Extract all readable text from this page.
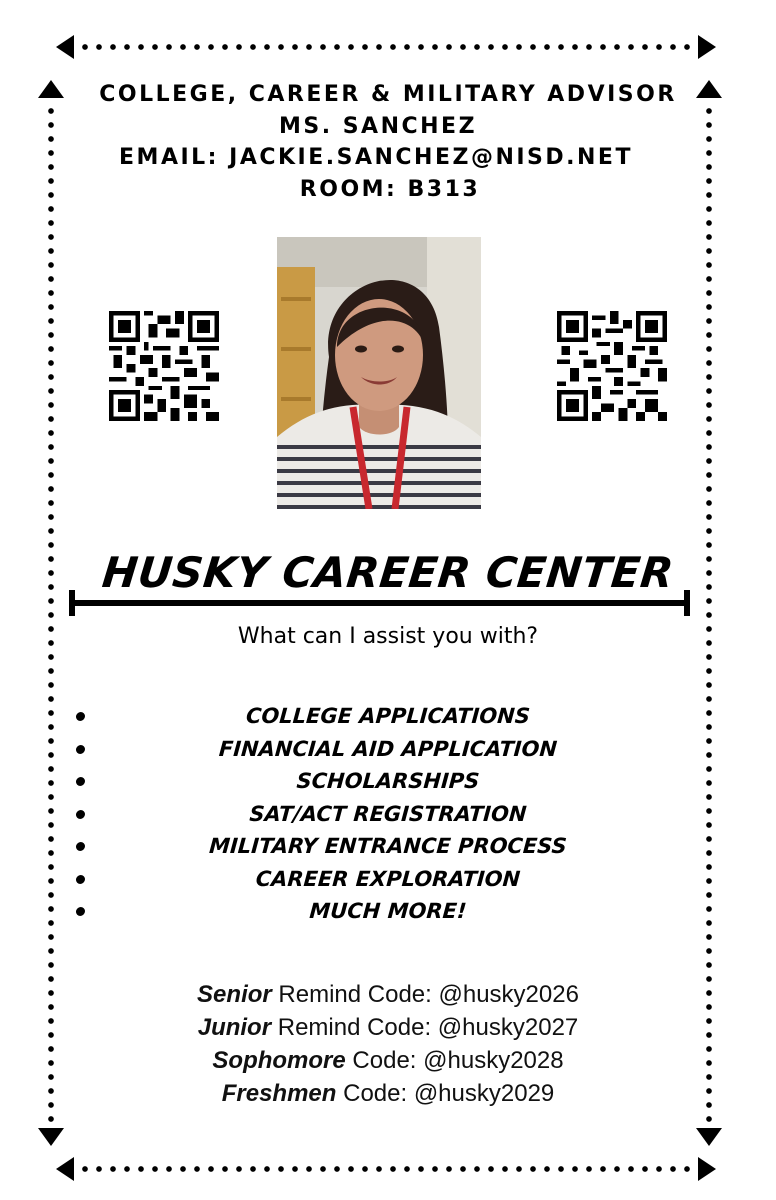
COLLEGE, CAREER & MILITARY ADVISOR
MS. SANCHEZ
EMAIL: JACKIE.SANCHEZ@NISD.NET
ROOM: B313
HUSKY CAREER CENTER
What can I assist you with?
COLLEGE APPLICATIONS
FINANCIAL AID APPLICATION
SCHOLARSHIPS
SAT/ACT REGISTRATION
MILITARY ENTRANCE PROCESS
CAREER EXPLORATION
MUCH MORE!
Senior Remind Code: @husky2026
Junior Remind Code: @husky2027
Sophomore Code: @husky2028
Freshmen Code: @husky2029
